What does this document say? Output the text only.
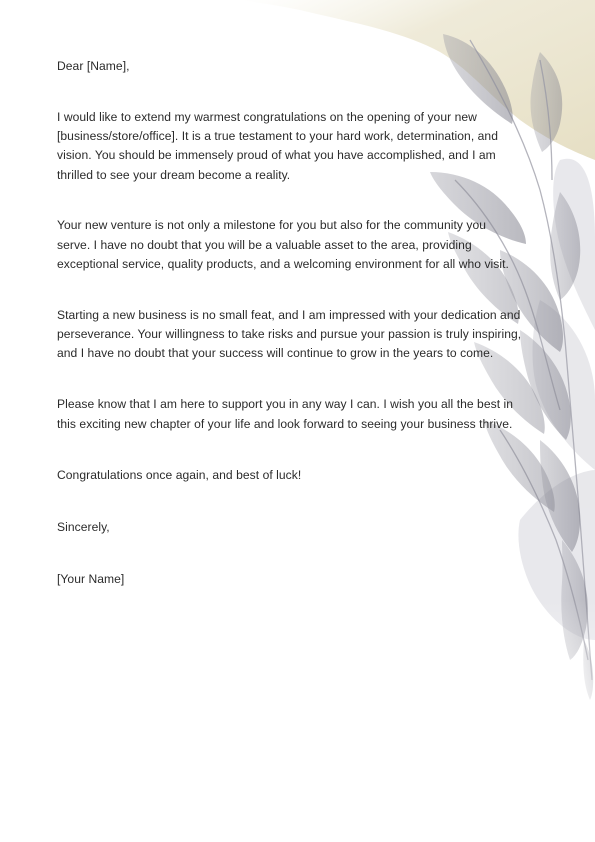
Dear [Name],

I would like to extend my warmest congratulations on the opening of your new

[business/store/office]. It is a true testament to your hard work, determination, and

vision. You should be immensely proud of what you have accomplished, and I am

thrilled to see your dream become a reality.

Your new venture is not only a milestone for you but also for the community you

serve. I have no doubt that you will be a valuable asset to the area, providing

exceptional service, quality products, and a welcoming environment for all who visit.

Starting a new business is no small feat, and I am impressed with your dedication and

perseverance. Your willingness to take risks and pursue your passion is truly inspiring,

and I have no doubt that your success will continue to grow in the years to come.

Please know that I am here to support you in any way I can. I wish you all the best in

this exciting new chapter of your life and look forward to seeing your business thrive.

Congratulations once again, and best of luck!

Sincerely,

[Your Name]
